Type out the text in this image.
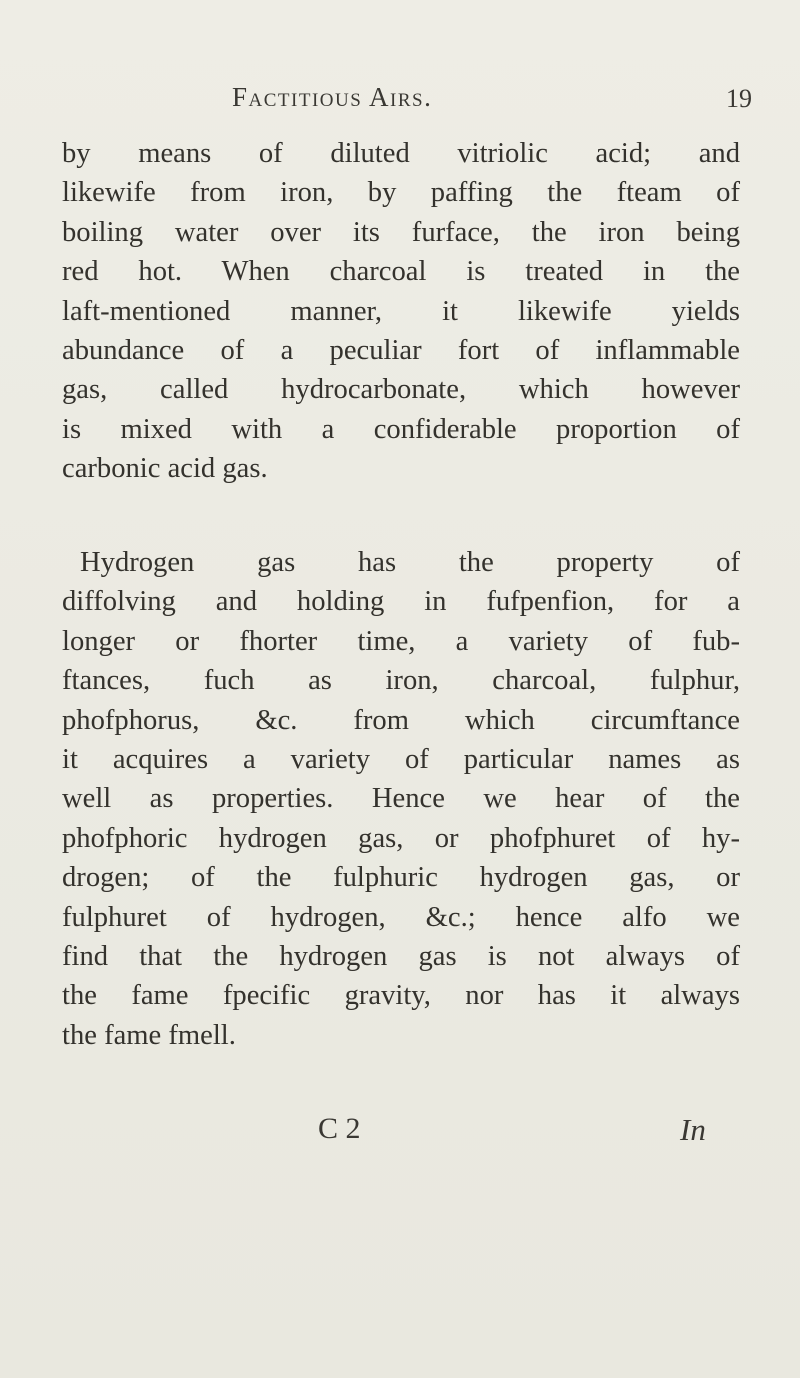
Factitious Airs.	19
by means of diluted vitriolic acid; and
likewife from iron, by paffing the fteam of
boiling water over its furface, the iron being
red hot. When charcoal is treated in the
laft-mentioned manner, it likewife yields
abundance of a peculiar fort of inflammable
gas, called hydrocarbonate, which however
is mixed with a confiderable proportion of
carbonic acid gas.
Hydrogen gas has the property of
diffolving and holding in fufpenfion, for a
longer or fhorter time, a variety of fub-
ftances, fuch as iron, charcoal, fulphur,
phofphorus, &c. from which circumftance
it acquires a variety of particular names as
well as properties. Hence we hear of the
phofphoric hydrogen gas, or phofphuret of hy-
drogen; of the fulphuric hydrogen gas, or
fulphuret of hydrogen, &c.; hence alfo we
find that the hydrogen gas is not always of
the fame fpecific gravity, nor has it always
the fame fmell.
C 2	In
